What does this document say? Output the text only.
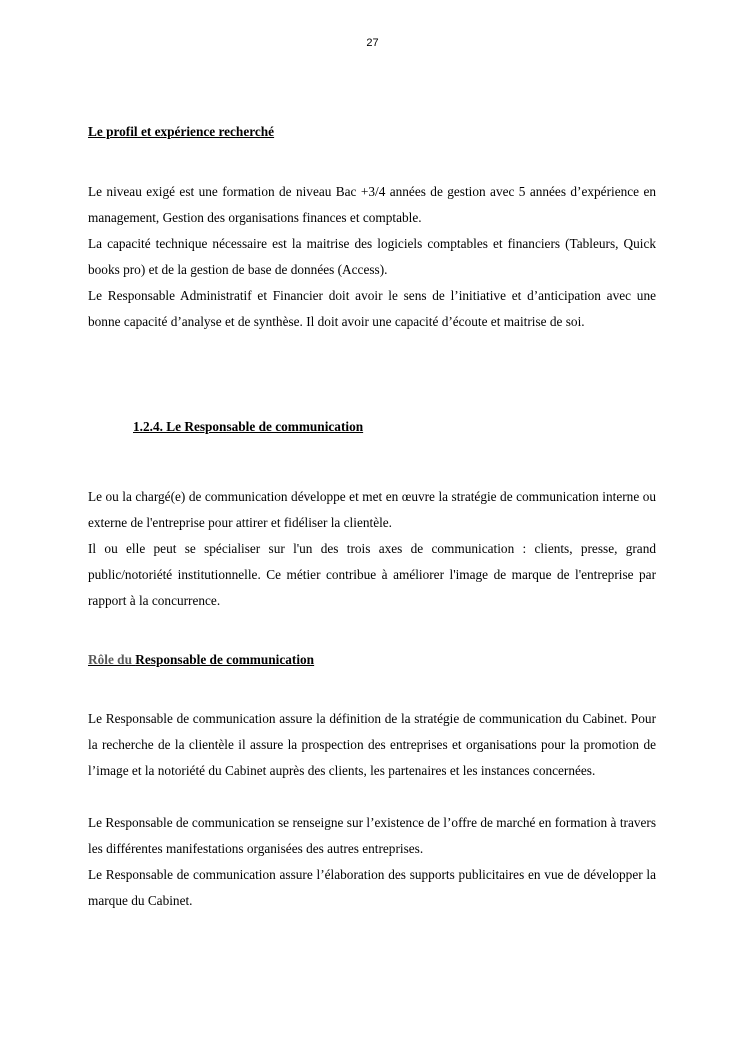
27
Le profil et expérience recherché

Le niveau exigé est une formation de niveau Bac +3/4 années de gestion avec 5 années d’expérience en management, Gestion des organisations finances et comptable.

La capacité technique nécessaire est la maitrise des logiciels comptables et financiers (Tableurs, Quick books pro) et de la gestion de base de données (Access).

Le Responsable Administratif et Financier doit avoir le sens de l’initiative et d’anticipation avec une bonne capacité d’analyse et de synthèse. Il doit avoir une capacité d’écoute et maitrise de soi.

1.2.4. Le Responsable de communication

Le ou la chargé(e) de communication développe et met en œuvre la stratégie de communication interne ou externe de l'entreprise pour attirer et fidéliser la clientèle.

Il ou elle peut se spécialiser sur l'un des trois axes de communication : clients, presse, grand public/notoriété institutionnelle. Ce métier contribue à améliorer l'image de marque de l'entreprise par rapport à la concurrence.

Rôle du Responsable de communication

Le Responsable de communication assure la définition de la stratégie de communication du Cabinet. Pour la recherche de la clientèle il assure la prospection des entreprises et organisations pour la promotion de l’image et la notoriété du Cabinet auprès des clients, les partenaires et les instances concernées.

Le Responsable de communication se renseigne sur l’existence de l’offre de marché en formation à travers les différentes manifestations organisées des autres entreprises.

Le Responsable de communication assure l’élaboration des supports publicitaires en vue de développer la marque du Cabinet.
